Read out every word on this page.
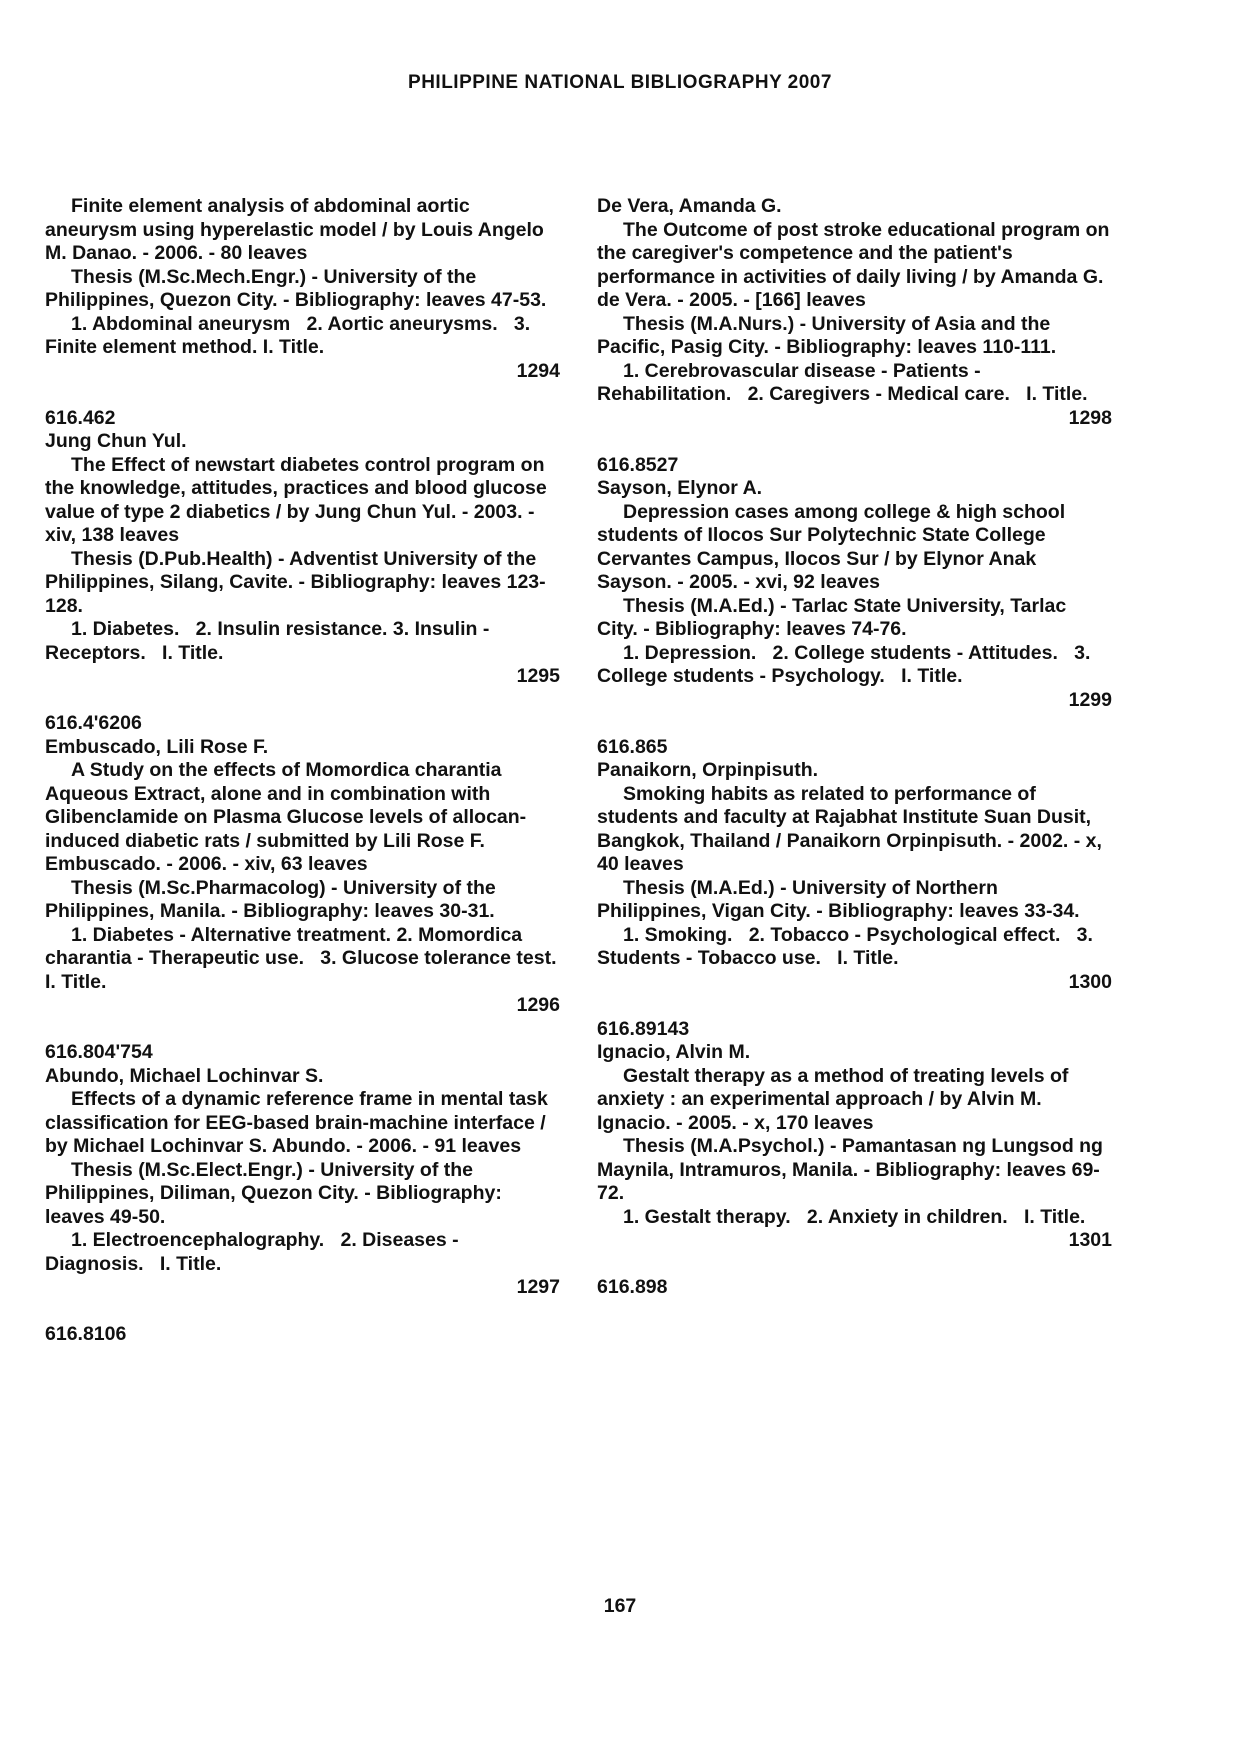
PHILIPPINE NATIONAL BIBLIOGRAPHY 2007

Finite element analysis of abdominal aortic aneurysm using hyperelastic model / by Louis Angelo M. Danao. - 2006. - 80 leaves

Thesis (M.Sc.Mech.Engr.) - University of the Philippines, Quezon City. - Bibliography: leaves 47-53.

1. Abdominal aneurysm   2. Aortic aneurysms.   3. Finite element method. I. Title.

1294

616.462

Jung Chun Yul.

The Effect of newstart diabetes control program on the knowledge, attitudes, practices and blood glucose value of type 2 diabetics / by Jung Chun Yul. - 2003. - xiv, 138 leaves

Thesis (D.Pub.Health) - Adventist University of the Philippines, Silang, Cavite. - Bibliography: leaves 123-128.

1. Diabetes.   2. Insulin resistance. 3. Insulin - Receptors.   I. Title.

1295

616.4'6206

Embuscado, Lili Rose F.

A Study on the effects of Momordica charantia Aqueous Extract, alone and in combination with Glibenclamide on Plasma Glucose levels of allocan-induced diabetic rats / submitted by Lili Rose F. Embuscado. - 2006. - xiv, 63 leaves

Thesis (M.Sc.Pharmacolog) - University of the Philippines, Manila. - Bibliography: leaves 30-31.

1. Diabetes - Alternative treatment. 2. Momordica charantia - Therapeutic use.   3. Glucose tolerance test.   I. Title.

1296

616.804'754

Abundo, Michael Lochinvar S.

Effects of a dynamic reference frame in mental task classification for EEG-based brain-machine interface / by Michael Lochinvar S. Abundo. - 2006. - 91 leaves

Thesis (M.Sc.Elect.Engr.) - University of the Philippines, Diliman, Quezon City. - Bibliography: leaves 49-50.

1. Electroencephalography.   2. Diseases - Diagnosis.   I. Title.

1297

616.8106

De Vera, Amanda G.

The Outcome of post stroke educational program on the caregiver's competence and the patient's performance in activities of daily living / by Amanda G. de Vera. - 2005. - [166] leaves

Thesis (M.A.Nurs.) - University of Asia and the Pacific, Pasig City. - Bibliography: leaves 110-111.

1. Cerebrovascular disease - Patients - Rehabilitation.   2. Caregivers - Medical care.   I. Title.

1298

616.8527

Sayson, Elynor A.

Depression cases among college & high school students of Ilocos Sur Polytechnic State College Cervantes Campus, Ilocos Sur / by Elynor Anak Sayson. - 2005. - xvi, 92 leaves

Thesis (M.A.Ed.) - Tarlac State University, Tarlac City. - Bibliography: leaves 74-76.

1. Depression.   2. College students - Attitudes.   3. College students - Psychology.   I. Title.

1299

616.865

Panaikorn, Orpinpisuth.

Smoking habits as related to performance of students and faculty at Rajabhat Institute Suan Dusit, Bangkok, Thailand / Panaikorn Orpinpisuth. - 2002. - x, 40 leaves

Thesis (M.A.Ed.) - University of Northern Philippines, Vigan City. - Bibliography: leaves 33-34.

1. Smoking.   2. Tobacco - Psychological effect.   3. Students - Tobacco use.   I. Title.

1300

616.89143

Ignacio, Alvin M.

Gestalt therapy as a method of treating levels of anxiety : an experimental approach / by Alvin M. Ignacio. - 2005. - x, 170 leaves

Thesis (M.A.Psychol.) - Pamantasan ng Lungsod ng Maynila, Intramuros, Manila. - Bibliography: leaves 69-72.

1. Gestalt therapy.   2. Anxiety in children.   I. Title.

1301

616.898

167
